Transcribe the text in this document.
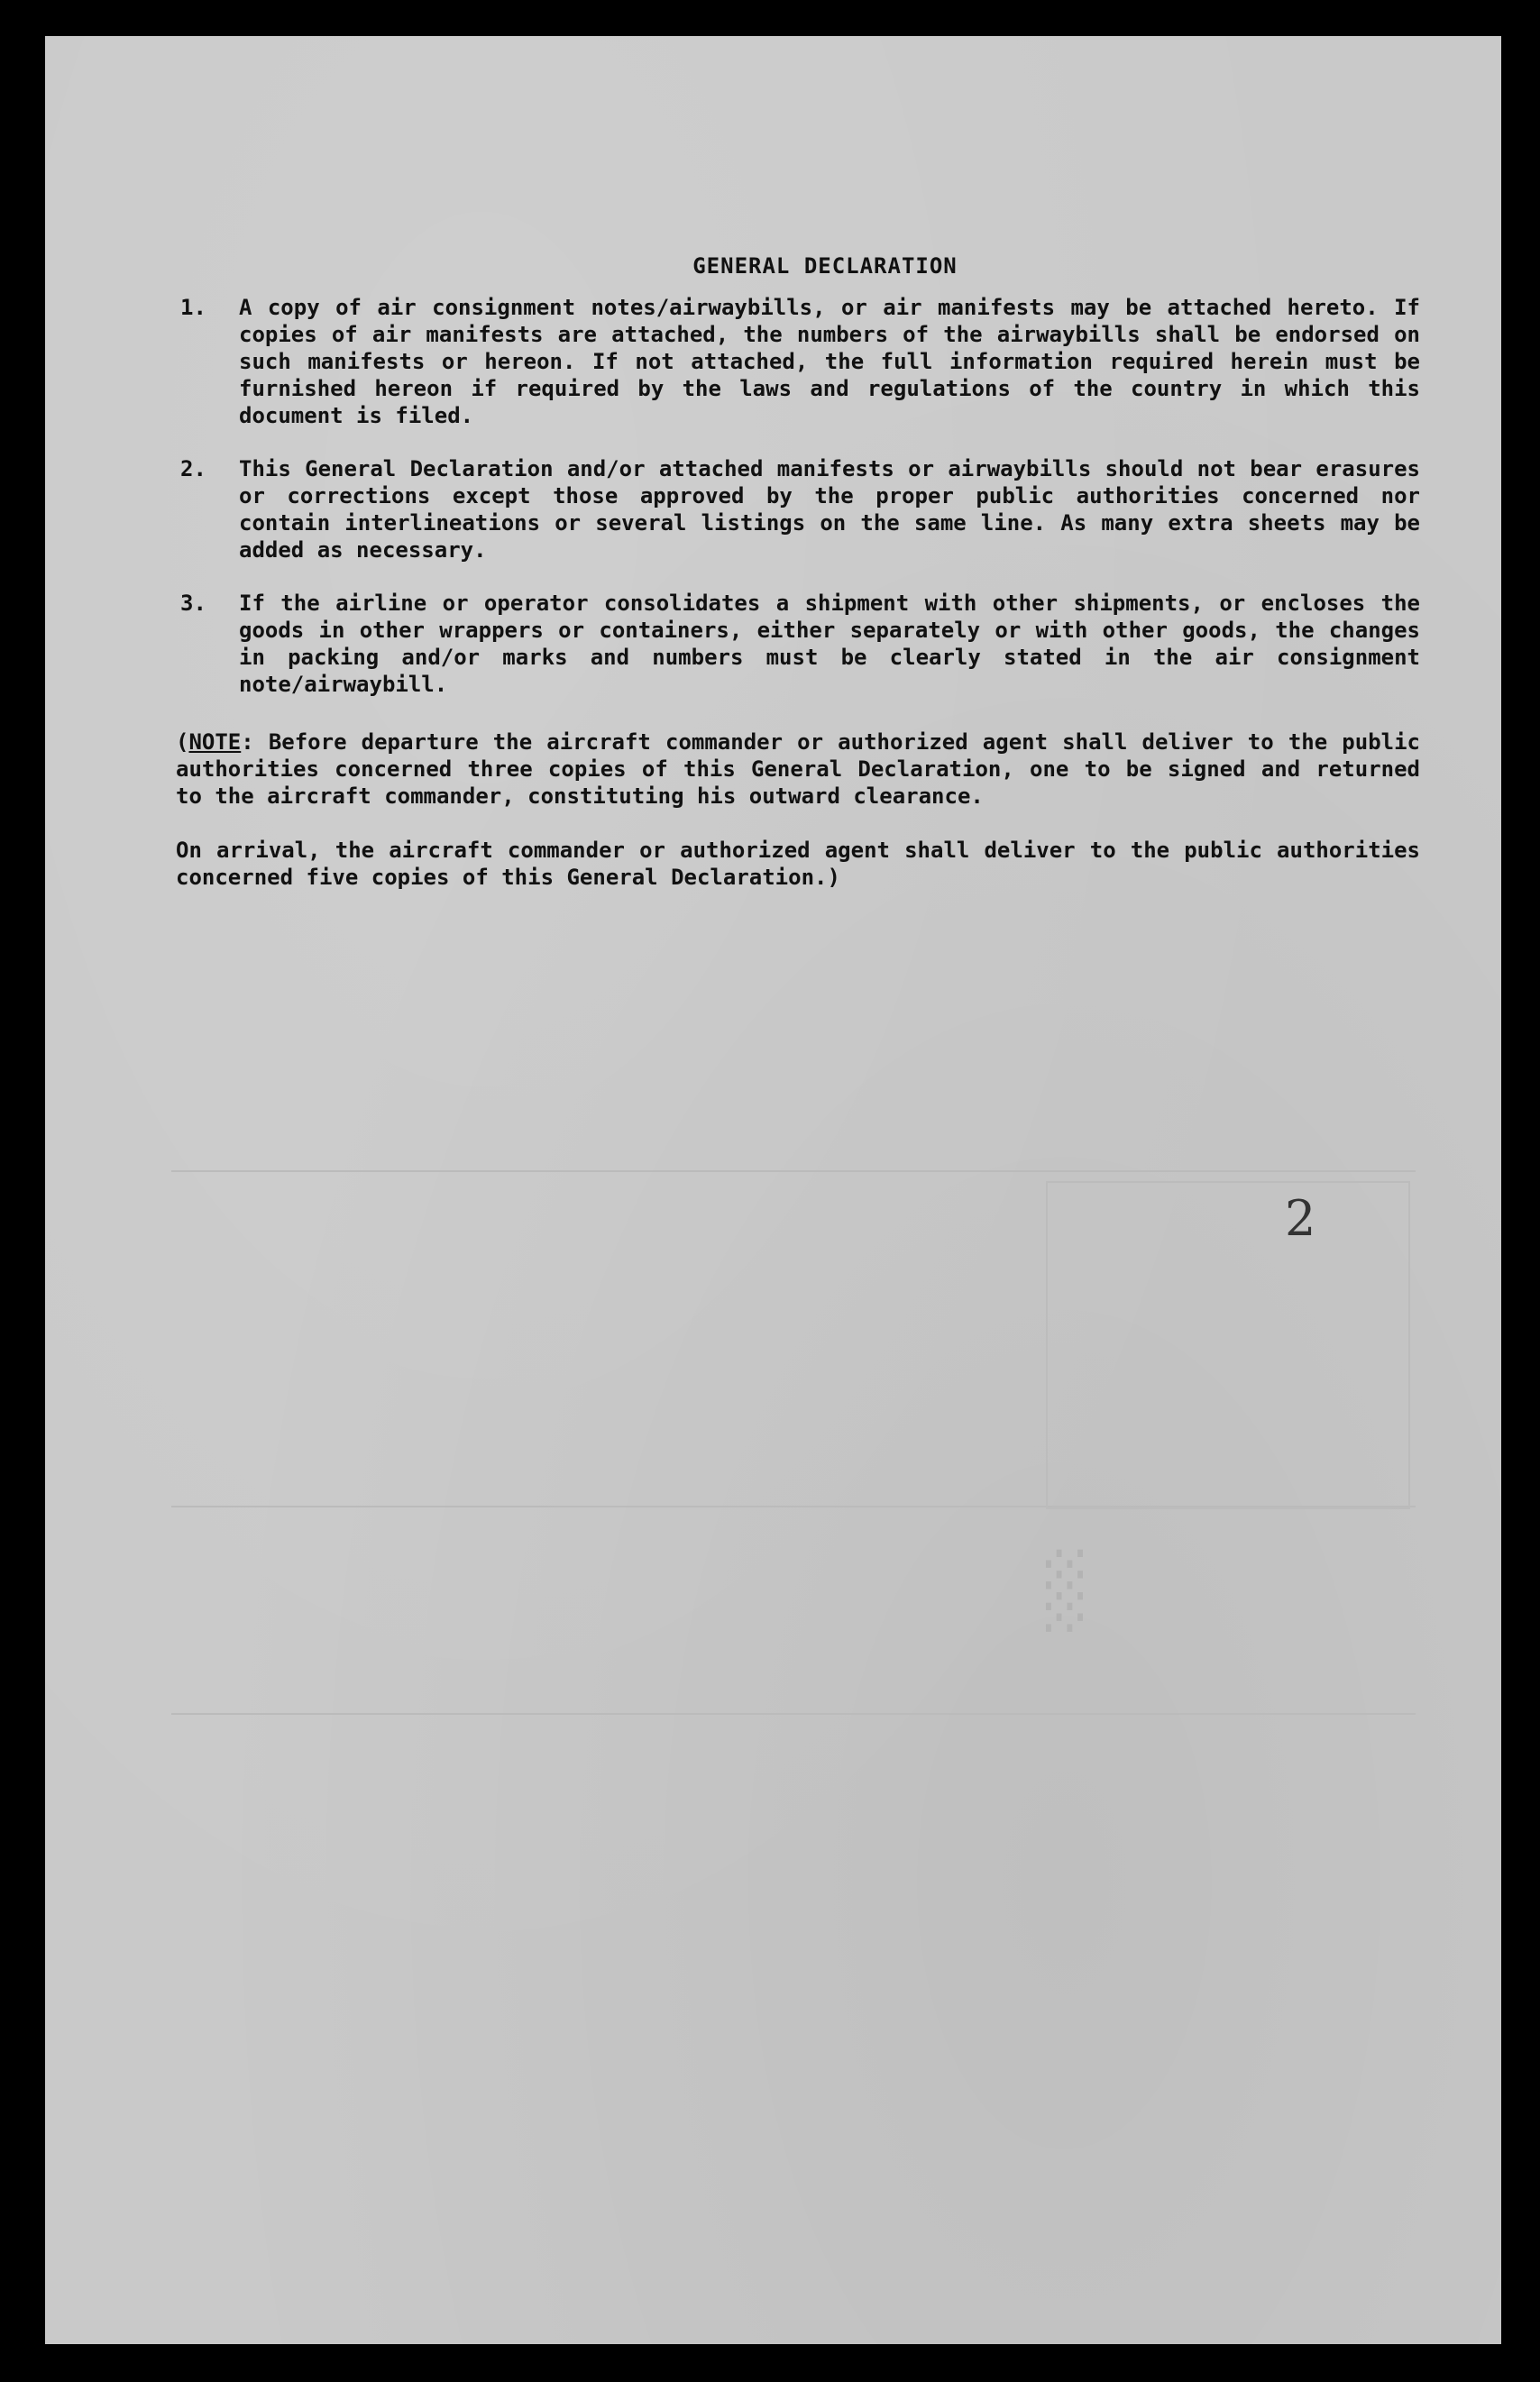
░
GENERAL DECLARATION
1.	A copy of air consignment notes/airwaybills, or air manifests may be attached hereto. If copies of air manifests are attached, the numbers of the airwaybills shall be endorsed on such manifests or hereon. If not attached, the full information required herein must be furnished hereon if required by the laws and regulations of the country in which this document is filed.
2.	This General Declaration and/or attached manifests or airwaybills should not bear erasures or corrections except those approved by the proper public authorities concerned nor contain interlineations or several listings on the same line. As many extra sheets may be added as necessary.
3.	If the airline or operator consolidates a shipment with other shipments, or encloses the goods in other wrappers or containers, either separately or with other goods, the changes in packing and/or marks and numbers must be clearly stated in the air consignment note/airwaybill.

(NOTE: Before departure the aircraft commander or authorized agent shall deliver to the public authorities concerned three copies of this General Declaration, one to be signed and returned to the aircraft commander, constituting his outward clearance.

On arrival, the aircraft commander or authorized agent shall deliver to the public authorities concerned five copies of this General Declaration.)

2
